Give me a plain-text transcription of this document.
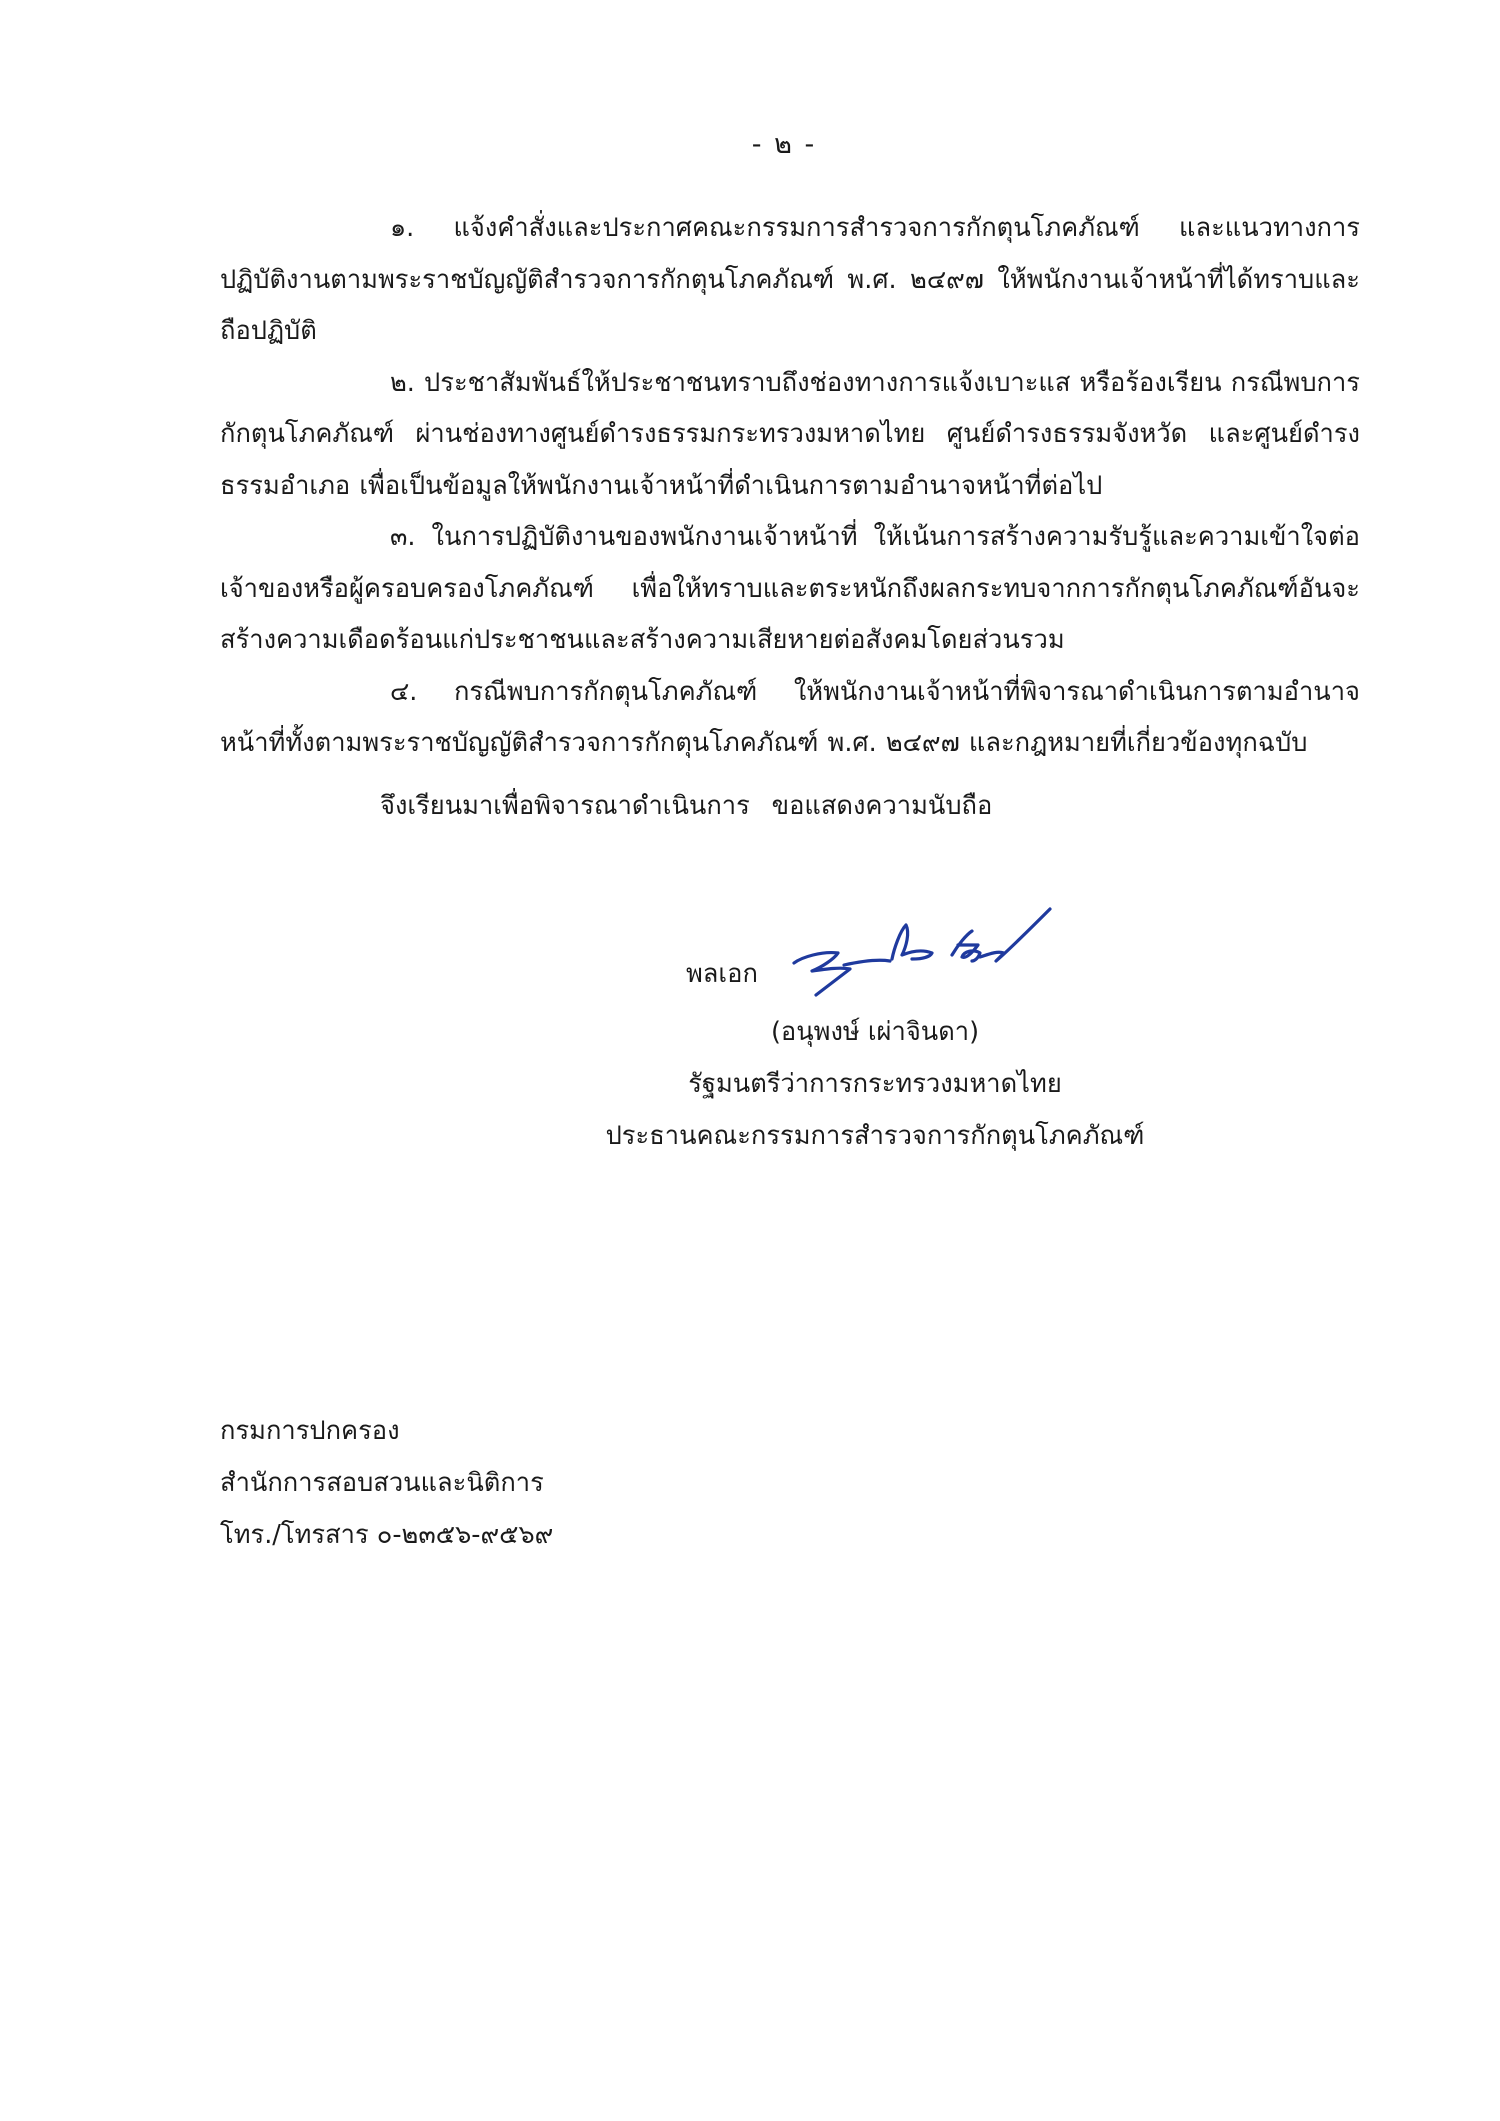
- ๒ -

๑. แจ้งคำสั่งและประกาศคณะกรรมการสำรวจการกักตุนโภคภัณฑ์ และแนวทางการปฏิบัติงานตามพระราชบัญญัติสำรวจการกักตุนโภคภัณฑ์ พ.ศ. ๒๔๙๗ ให้พนักงานเจ้าหน้าที่ได้ทราบและถือปฏิบัติ

๒. ประชาสัมพันธ์ให้ประชาชนทราบถึงช่องทางการแจ้งเบาะแส หรือร้องเรียน กรณีพบการกักตุนโภคภัณฑ์ ผ่านช่องทางศูนย์ดำรงธรรมกระทรวงมหาดไทย ศูนย์ดำรงธรรมจังหวัด และศูนย์ดำรงธรรมอำเภอ เพื่อเป็นข้อมูลให้พนักงานเจ้าหน้าที่ดำเนินการตามอำนาจหน้าที่ต่อไป

๓. ในการปฏิบัติงานของพนักงานเจ้าหน้าที่ ให้เน้นการสร้างความรับรู้และความเข้าใจต่อเจ้าของหรือผู้ครอบครองโภคภัณฑ์ เพื่อให้ทราบและตระหนักถึงผลกระทบจากการกักตุนโภคภัณฑ์อันจะสร้างความเดือดร้อนแก่ประชาชนและสร้างความเสียหายต่อสังคมโดยส่วนรวม

๔. กรณีพบการกักตุนโภคภัณฑ์ ให้พนักงานเจ้าหน้าที่พิจารณาดำเนินการตามอำนาจหน้าที่ทั้งตามพระราชบัญญัติสำรวจการกักตุนโภคภัณฑ์ พ.ศ. ๒๔๙๗ และกฎหมายที่เกี่ยวข้องทุกฉบับ

จึงเรียนมาเพื่อพิจารณาดำเนินการ ขอแสดงความนับถือ
พลเอก
(อนุพงษ์ เผ่าจินดา)
รัฐมนตรีว่าการกระทรวงมหาดไทย
ประธานคณะกรรมการสำรวจการกักตุนโภคภัณฑ์
กรมการปกครอง
สำนักการสอบสวนและนิติการ
โทร./โทรสาร ๐-๒๓๕๖-๙๕๖๙
